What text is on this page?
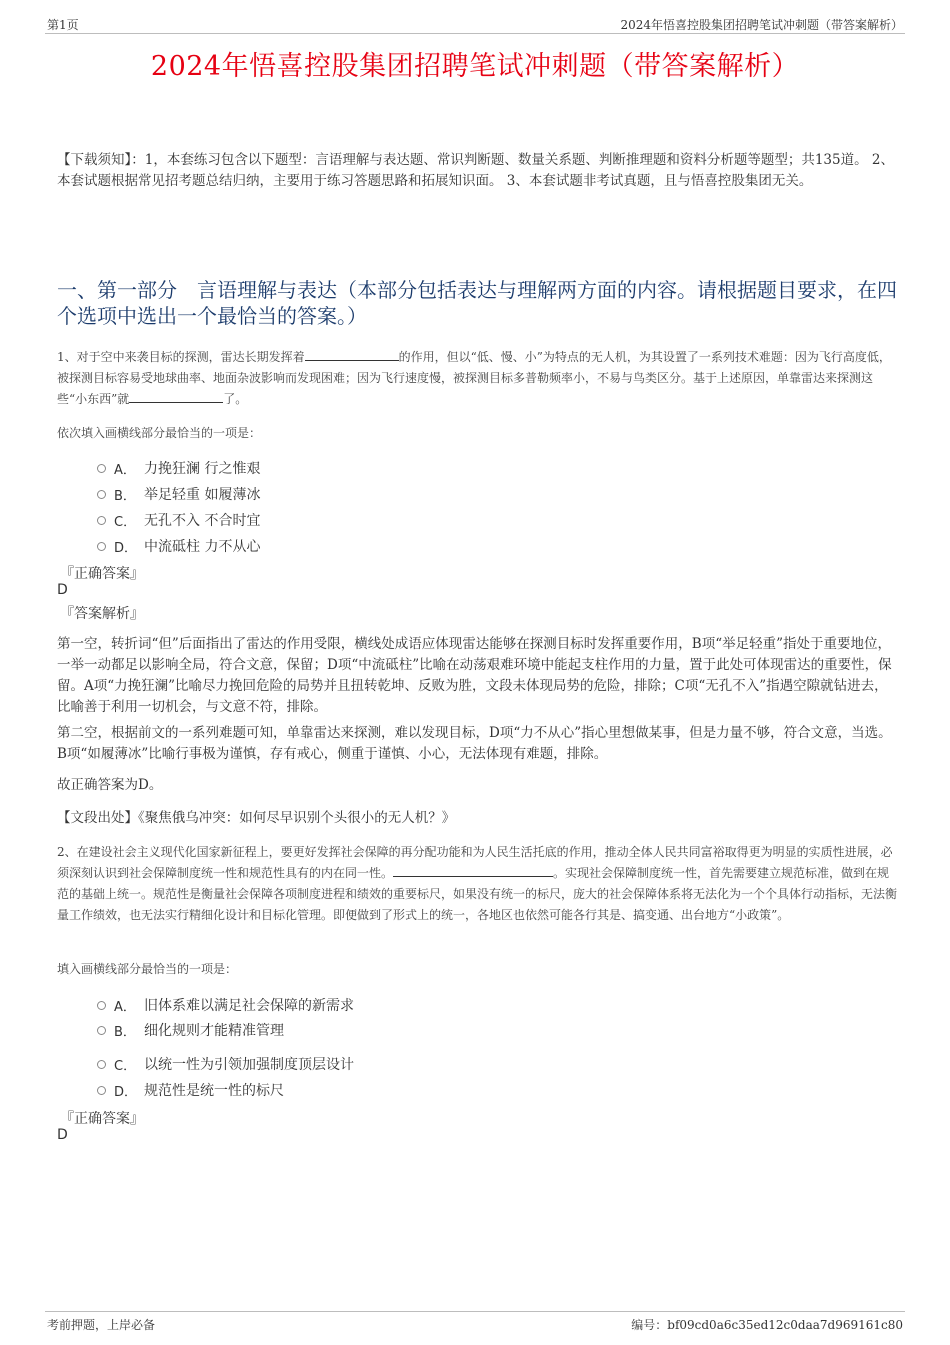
第1页	2024年悟喜控股集团招聘笔试冲刺题（带答案解析）
2024年悟喜控股集团招聘笔试冲刺题（带答案解析）
【下载须知】：1，本套练习包含以下题型：言语理解与表达题、常识判断题、数量关系题、判断推理题和资料分析题等题型；共135道。 2、本套试题根据常见招考题总结归纳，主要用于练习答题思路和拓展知识面。 3、本套试题非考试真题，且与悟喜控股集团无关。
一、第一部分　言语理解与表达（本部分包括表达与理解两方面的内容。请根据题目要求，在四个选项中选出一个最恰当的答案。）
1、对于空中来袭目标的探测，雷达长期发挥着	的作用，但以“低、慢、小”为特点的无人机，为其设置了一系列技术难题：因为飞行高度低，被探测目标容易受地球曲率、地面杂波影响而发现困难；因为飞行速度慢，被探测目标多普勒频率小，不易与鸟类区分。基于上述原因，单靠雷达来探测这些“小东西”就	了。
依次填入画横线部分最恰当的一项是：
A． 力挽狂澜 行之惟艰
B． 举足轻重 如履薄冰
C． 无孔不入 不合时宜
D． 中流砥柱 力不从心
『正确答案』
D
『答案解析』
第一空，转折词“但”后面指出了雷达的作用受限，横线处成语应体现雷达能够在探测目标时发挥重要作用，B项“举足轻重”指处于重要地位，一举一动都足以影响全局，符合文意，保留；D项“中流砥柱”比喻在动荡艰难环境中能起支柱作用的力量，置于此处可体现雷达的重要性，保留。A项“力挽狂澜”比喻尽力挽回危险的局势并且扭转乾坤、反败为胜，文段未体现局势的危险，排除；C项“无孔不入”指遇空隙就钻进去，比喻善于利用一切机会，与文意不符，排除。
第二空，根据前文的一系列难题可知，单靠雷达来探测，难以发现目标，D项“力不从心”指心里想做某事，但是力量不够，符合文意，当选。B项“如履薄冰”比喻行事极为谨慎，存有戒心，侧重于谨慎、小心，无法体现有难题，排除。
故正确答案为D。
【文段出处】《聚焦俄乌冲突：如何尽早识别个头很小的无人机？》
2、在建设社会主义现代化国家新征程上，要更好发挥社会保障的再分配功能和为人民生活托底的作用，推动全体人民共同富裕取得更为明显的实质性进展，必须深刻认识到社会保障制度统一性和规范性具有的内在同一性。	。实现社会保障制度统一性，首先需要建立规范标准，做到在规范的基础上统一。规范性是衡量社会保障各项制度进程和绩效的重要标尺，如果没有统一的标尺，庞大的社会保障体系将无法化为一个个具体行动指标，无法衡量工作绩效，也无法实行精细化设计和目标化管理。即便做到了形式上的统一，各地区也依然可能各行其是、搞变通、出台地方“小政策”。
填入画横线部分最恰当的一项是：
A． 旧体系难以满足社会保障的新需求
B． 细化规则才能精准管理
C． 以统一性为引领加强制度顶层设计
D． 规范性是统一性的标尺
『正确答案』
D
考前押题，上岸必备	编号：bf09cd0a6c35ed12c0daa7d969161c80
